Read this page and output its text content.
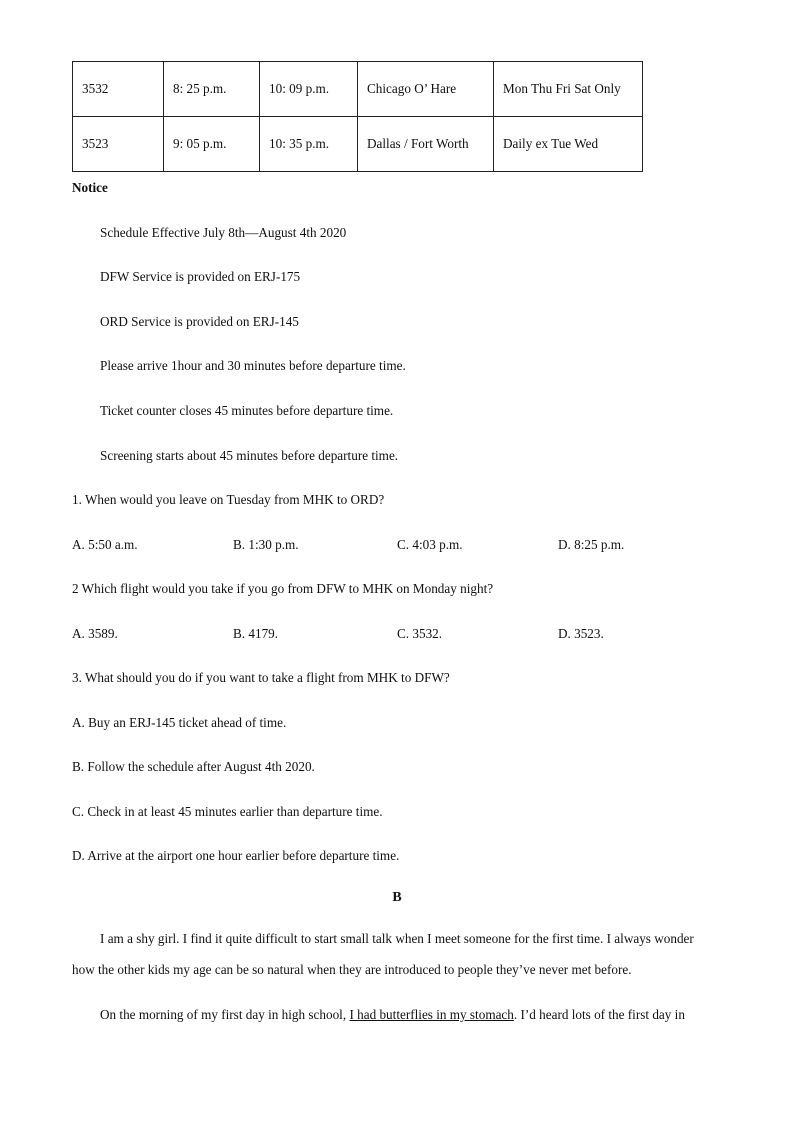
3532	8: 25 p.m.	10: 09 p.m.	Chicago O’ Hare	Mon Thu Fri Sat Only
3523	9: 05 p.m.	10: 35 p.m.	Dallas / Fort Worth	Daily ex Tue Wed
Notice
Schedule Effective July 8th—August 4th 2020
DFW Service is provided on ERJ-175
ORD Service is provided on ERJ-145
Please arrive 1hour and 30 minutes before departure time.
Ticket counter closes 45 minutes before departure time.
Screening starts about 45 minutes before departure time.
1. When would you leave on Tuesday from MHK to ORD?
A. 5:50 a.m.	B. 1:30 p.m.	C. 4:03 p.m.	D. 8:25 p.m.
2 Which flight would you take if you go from DFW to MHK on Monday night?
A. 3589.	B. 4179.	C. 3532.	D. 3523.
3. What should you do if you want to take a flight from MHK to DFW?
A. Buy an ERJ-145 ticket ahead of time.
B. Follow the schedule after August 4th 2020.
C. Check in at least 45 minutes earlier than departure time.
D. Arrive at the airport one hour earlier before departure time.
B
I am a shy girl. I find it quite difficult to start small talk when I meet someone for the first time. I always wonder
how the other kids my age can be so natural when they are introduced to people they’ve never met before.
On the morning of my first day in high school, I had butterflies in my stomach. I’d heard lots of the first day in
